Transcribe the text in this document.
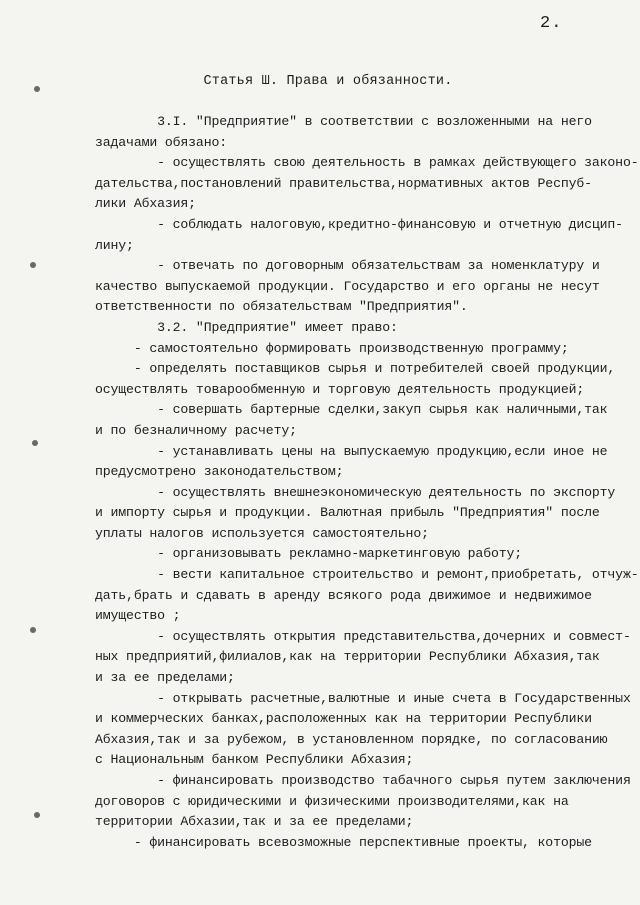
2.
Статья Ш. Права и обязанности.
3.I. "Предприятие" в соответствии с возложенными на него
задачами обязано:
- осуществлять свою деятельность в рамках действующего законо-
дательства,постановлений правительства,нормативных актов Респуб-
лики Абхазия;
- соблюдать налоговую,кредитно-финансовую и отчетную дисцип-
лину;
- отвечать по договорным обязательствам за номенклатуру и
качество выпускаемой продукции. Государство и его органы не несут
ответственности по обязательствам "Предприятия".
3.2. "Предприятие" имеет право:
- самостоятельно формировать производственную программу;
- определять поставщиков сырья и потребителей своей продукции,
осуществлять товарообменную и торговую деятельность продукцией;
- совершать бартерные сделки,закуп сырья как наличными,так
и по безналичному расчету;
- устанавливать цены на выпускаемую продукцию,если иное не
предусмотрено законодательством;
- осуществлять внешнеэкономическую деятельность по экспорту
и импорту сырья и продукции. Валютная прибыль "Предприятия" после
уплаты налогов используется самостоятельно;
- организовывать рекламно-маркетинговую работу;
- вести капитальное строительство и ремонт,приобретать, отчуж-
дать,брать и сдавать в аренду всякого рода движимое и недвижимое
имущество ;
- осуществлять открытия представительства,дочерних и совмест-
ных предприятий,филиалов,как на территории Республики Абхазия,так
и за ее пределами;
- открывать расчетные,валютные и иные счета в Государственных
и коммерческих банках,расположенных как на территории Республики
Абхазия,так и за рубежом, в установленном порядке, по согласованию
с Национальным банком Республики Абхазия;
- финансировать производство табачного сырья путем заключения
договоров с юридическими и физическими производителями,как на
территории Абхазии,так и за ее пределами;
- финансировать всевозможные перспективные проекты, которые
